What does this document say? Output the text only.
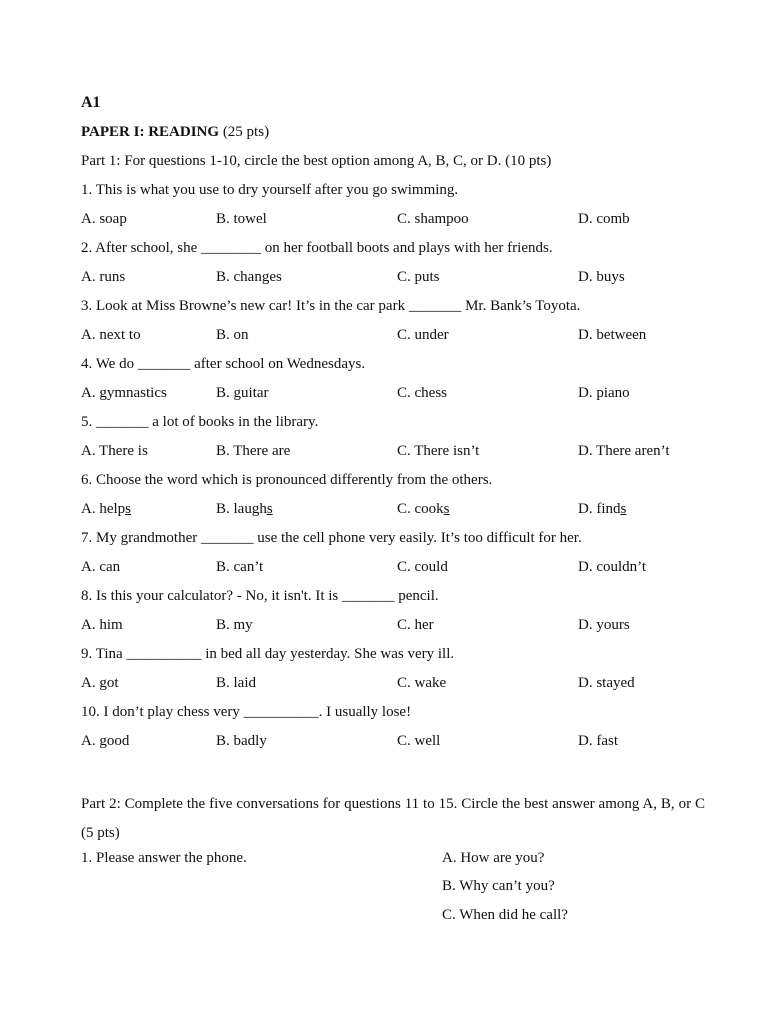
A1
PAPER I: READING (25 pts)
Part 1: For questions 1-10, circle the best option among A, B, C, or D. (10 pts)
1. This is what you use to dry yourself after you go swimming.
A. soap	B. towel	C. shampoo	D. comb
2. After school, she ________ on her football boots and plays with her friends.
A. runs	B. changes	C. puts	D. buys
3. Look at Miss Browne’s new car! It’s in the car park _______ Mr. Bank’s Toyota.
A. next to	B. on	C. under	D. between
4. We do _______ after school on Wednesdays.
A. gymnastics	B. guitar	C. chess	D. piano
5. _______ a lot of books in the library.
A. There is	B. There are	C. There isn’t	D. There aren’t
6. Choose the word which is pronounced differently from the others.
A. helps	B. laughs	C. cooks	D. finds
7. My grandmother _______ use the cell phone very easily. It’s too difficult for her.
A. can	B. can’t	C. could	D. couldn’t
8. Is this your calculator? - No, it isn't. It is _______ pencil.
A. him	B. my	C. her	D. yours
9. Tina __________ in bed all day yesterday. She was very ill.
A. got	B. laid	C. wake	D. stayed
10. I don’t play chess very __________. I usually lose!
A. good	B. badly	C. well	D. fast
Part 2: Complete the five conversations for questions 11 to 15. Circle the best answer among A, B, or C (5 pts)
1. Please answer the phone.	A. How are you?
B. Why can’t you?
C. When did he call?
